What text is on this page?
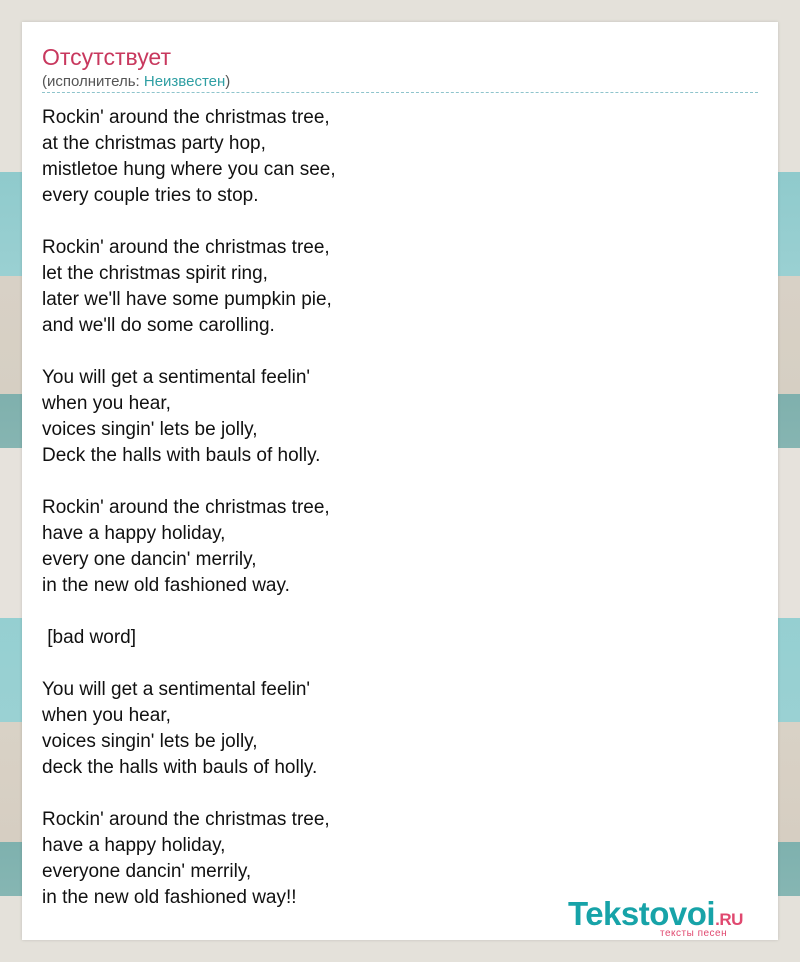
Отсутствует
(исполнитель: Неизвестен)
Rockin' around the christmas tree,
at the christmas party hop,
mistletoe hung where you can see,
every couple tries to stop.

Rockin' around the christmas tree,
let the christmas spirit ring,
later we'll have some pumpkin pie,
and we'll do some carolling.

You will get a sentimental feelin'
when you hear,
voices singin' lets be jolly,
Deck the halls with bauls of holly.

Rockin' around the christmas tree,
have a happy holiday,
every one dancin' merrily,
in the new old fashioned way.

[bad word]

You will get a sentimental feelin'
when you hear,
voices singin' lets be jolly,
deck the halls with bauls of holly.

Rockin' around the christmas tree,
have a happy holiday,
everyone dancin' merrily,
in the new old fashioned way!!	Tekstovoi.RU
тексты песен
